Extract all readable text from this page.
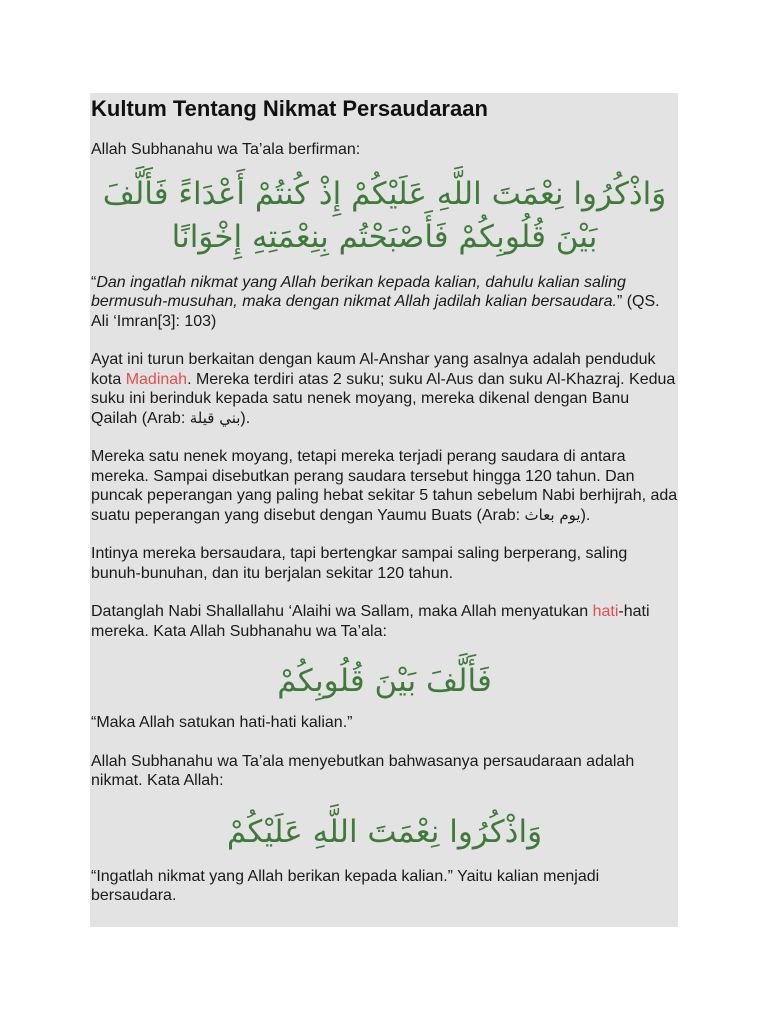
Kultum Tentang Nikmat Persaudaraan

Allah Subhanahu wa Ta’ala berfirman:

وَاذْكُرُوا نِعْمَتَ اللَّهِ عَلَيْكُمْ إِذْ كُنتُمْ أَعْدَاءً فَأَلَّفَ بَيْنَ قُلُوبِكُمْ فَأَصْبَحْتُم بِنِعْمَتِهِ إِخْوَانًا

“Dan ingatlah nikmat yang Allah berikan kepada kalian, dahulu kalian saling bermusuh-musuhan, maka dengan nikmat Allah jadilah kalian bersaudara.” (QS. Ali ‘Imran[3]: 103)

Ayat ini turun berkaitan dengan kaum Al-Anshar yang asalnya adalah penduduk kota Madinah. Mereka terdiri atas 2 suku; suku Al-Aus dan suku Al-Khazraj. Kedua suku ini berinduk kepada satu nenek moyang, mereka dikenal dengan Banu Qailah (Arab: بني قيلة).

Mereka satu nenek moyang, tetapi mereka terjadi perang saudara di antara mereka. Sampai disebutkan perang saudara tersebut hingga 120 tahun. Dan puncak peperangan yang paling hebat sekitar 5 tahun sebelum Nabi berhijrah, ada suatu peperangan yang disebut dengan Yaumu Buats (Arab: يوم بعاث).

Intinya mereka bersaudara, tapi bertengkar sampai saling berperang, saling bunuh-bunuhan, dan itu berjalan sekitar 120 tahun.

Datanglah Nabi Shallallahu ‘Alaihi wa Sallam, maka Allah menyatukan hati-hati mereka. Kata Allah Subhanahu wa Ta’ala:

فَأَلَّفَ بَيْنَ قُلُوبِكُمْ

“Maka Allah satukan hati-hati kalian.”

Allah Subhanahu wa Ta’ala menyebutkan bahwasanya persaudaraan adalah nikmat. Kata Allah:

وَاذْكُرُوا نِعْمَتَ اللَّهِ عَلَيْكُمْ

“Ingatlah nikmat yang Allah berikan kepada kalian.” Yaitu kalian menjadi bersaudara.
